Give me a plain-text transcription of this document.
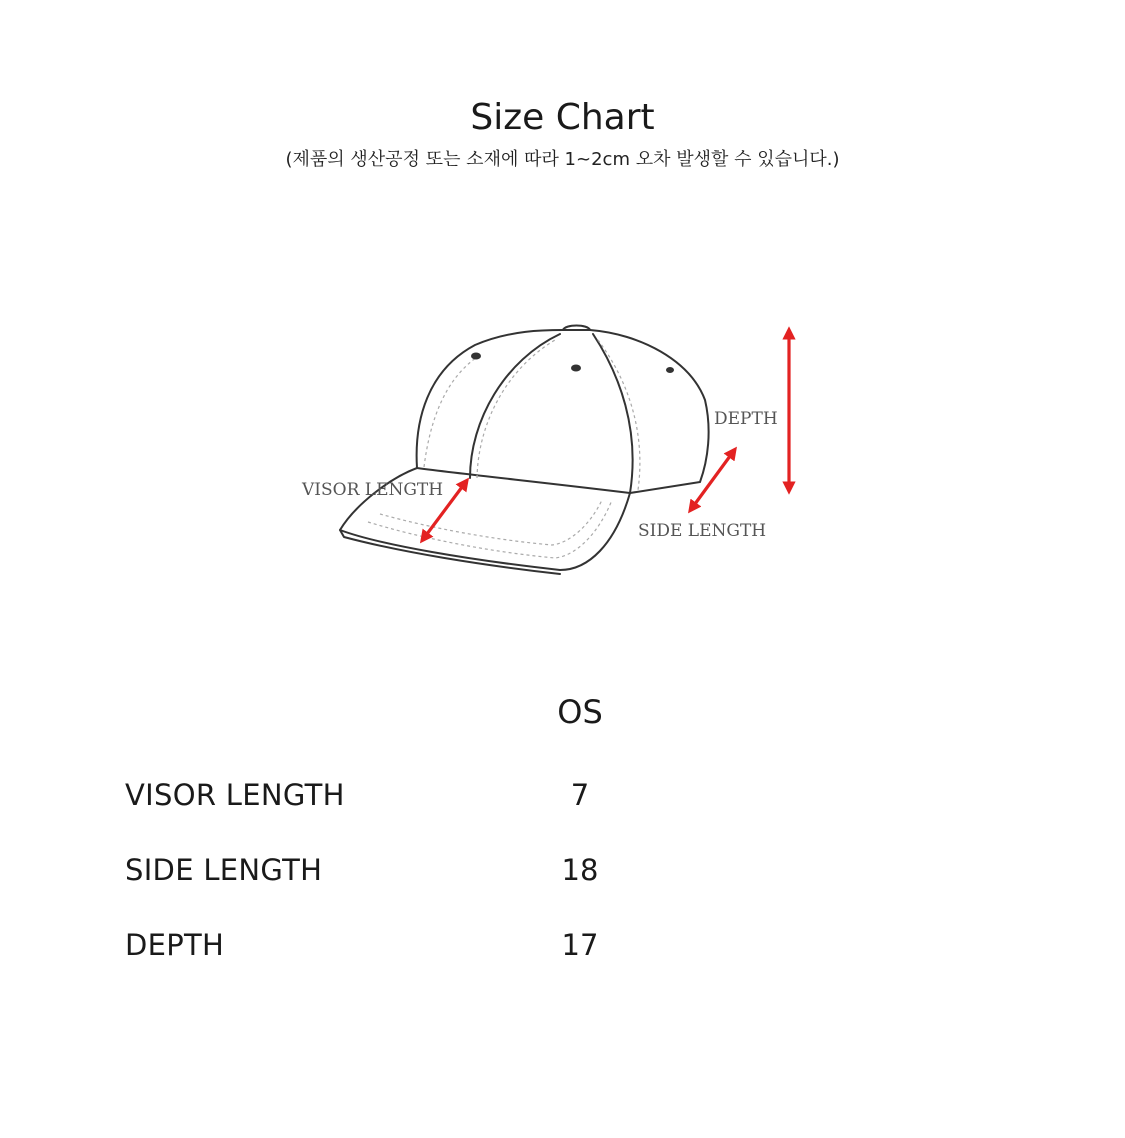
Size Chart
(제품의 생산공정 또는 소재에 따라 1~2cm 오차 발생할 수 있습니다.)
VISOR LENGTH
SIDE LENGTH
DEPTH
OS
VISOR LENGTH	7
SIDE LENGTH	18
DEPTH	17
